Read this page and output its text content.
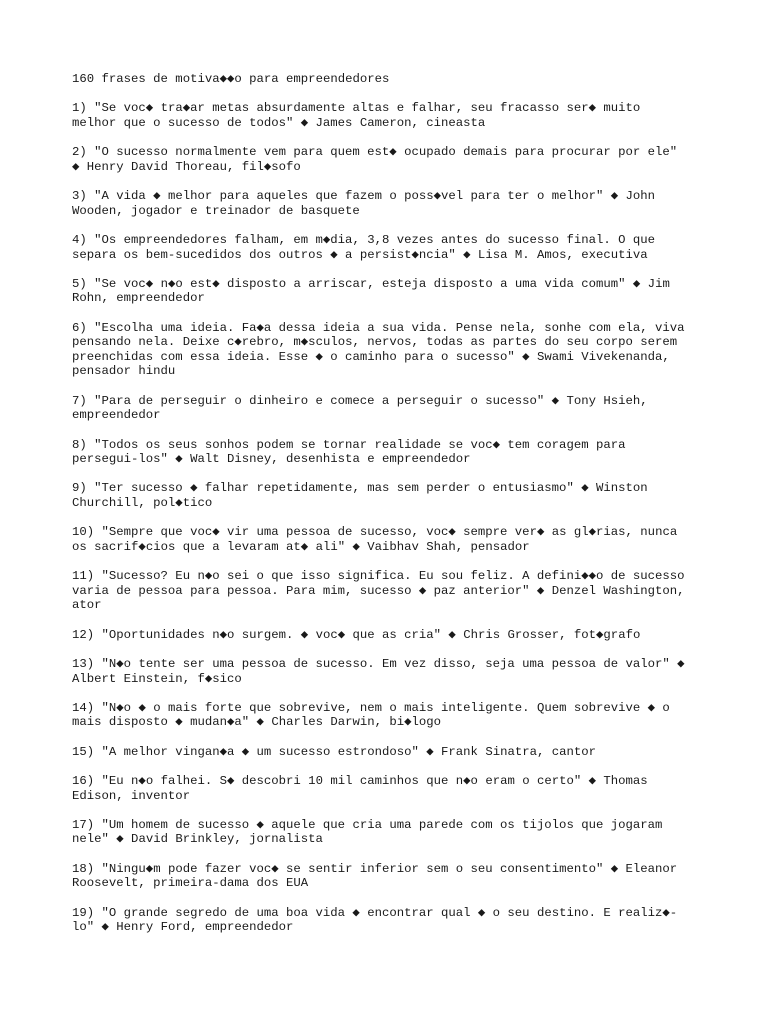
160 frases de motiva◆◆o para empreendedores
1) "Se voc◆ tra◆ar metas absurdamente altas e falhar, seu fracasso ser◆ muito
melhor que o sucesso de todos" ◆ James Cameron, cineasta
2) "O sucesso normalmente vem para quem est◆ ocupado demais para procurar por ele"
◆ Henry David Thoreau, fil◆sofo
3) "A vida ◆ melhor para aqueles que fazem o poss◆vel para ter o melhor" ◆ John
Wooden, jogador e treinador de basquete
4) "Os empreendedores falham, em m◆dia, 3,8 vezes antes do sucesso final. O que
separa os bem-sucedidos dos outros ◆ a persist◆ncia" ◆ Lisa M. Amos, executiva
5) "Se voc◆ n◆o est◆ disposto a arriscar, esteja disposto a uma vida comum" ◆ Jim
Rohn, empreendedor
6) "Escolha uma ideia. Fa◆a dessa ideia a sua vida. Pense nela, sonhe com ela, viva
pensando nela. Deixe c◆rebro, m◆sculos, nervos, todas as partes do seu corpo serem
preenchidas com essa ideia. Esse ◆ o caminho para o sucesso" ◆ Swami Vivekenanda,
pensador hindu
7) "Para de perseguir o dinheiro e comece a perseguir o sucesso" ◆ Tony Hsieh,
empreendedor
8) "Todos os seus sonhos podem se tornar realidade se voc◆ tem coragem para
persegui-los" ◆ Walt Disney, desenhista e empreendedor
9) "Ter sucesso ◆ falhar repetidamente, mas sem perder o entusiasmo" ◆ Winston
Churchill, pol◆tico
10) "Sempre que voc◆ vir uma pessoa de sucesso, voc◆ sempre ver◆ as gl◆rias, nunca
os sacrif◆cios que a levaram at◆ ali" ◆ Vaibhav Shah, pensador
11) "Sucesso? Eu n◆o sei o que isso significa. Eu sou feliz. A defini◆◆o de sucesso
varia de pessoa para pessoa. Para mim, sucesso ◆ paz anterior" ◆ Denzel Washington,
ator
12) "Oportunidades n◆o surgem. ◆ voc◆ que as cria" ◆ Chris Grosser, fot◆grafo
13) "N◆o tente ser uma pessoa de sucesso. Em vez disso, seja uma pessoa de valor" ◆
Albert Einstein, f◆sico
14) "N◆o ◆ o mais forte que sobrevive, nem o mais inteligente. Quem sobrevive ◆ o
mais disposto ◆ mudan◆a" ◆ Charles Darwin, bi◆logo
15) "A melhor vingan◆a ◆ um sucesso estrondoso" ◆ Frank Sinatra, cantor
16) "Eu n◆o falhei. S◆ descobri 10 mil caminhos que n◆o eram o certo" ◆ Thomas
Edison, inventor
17) "Um homem de sucesso ◆ aquele que cria uma parede com os tijolos que jogaram
nele" ◆ David Brinkley, jornalista
18) "Ningu◆m pode fazer voc◆ se sentir inferior sem o seu consentimento" ◆ Eleanor
Roosevelt, primeira-dama dos EUA
19) "O grande segredo de uma boa vida ◆ encontrar qual ◆ o seu destino. E realiz◆-
lo" ◆ Henry Ford, empreendedor
